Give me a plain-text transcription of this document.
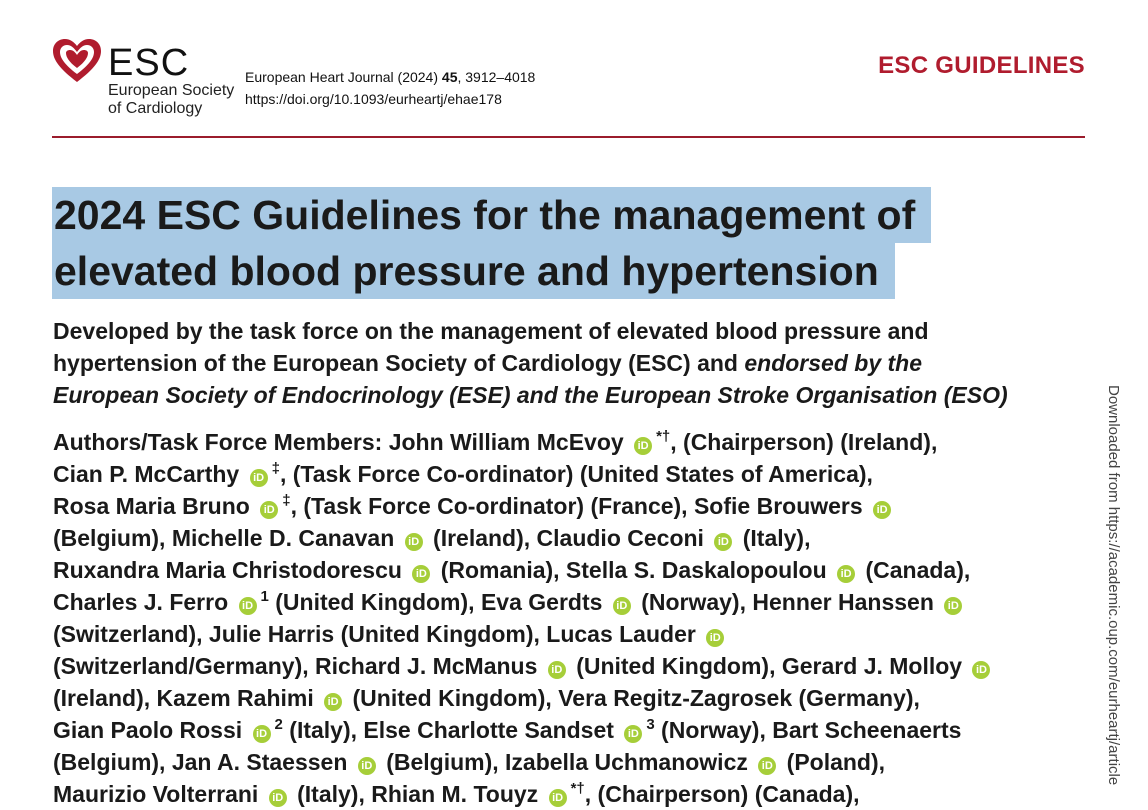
ESC
European Society
of Cardiology
European Heart Journal (2024) 45, 3912–4018
https://doi.org/10.1093/eurheartj/ehae178
ESC GUIDELINES
2024 ESC Guidelines for the management of
elevated blood pressure and hypertension
Developed by the task force on the management of elevated blood pressure and
hypertension of the European Society of Cardiology (ESC) and endorsed by the
European Society of Endocrinology (ESE) and the European Stroke Organisation (ESO)
Authors/Task Force Members: John William McEvoy iD*†, (Chairperson) (Ireland),
Cian P. McCarthy iD‡, (Task Force Co-ordinator) (United States of America),
Rosa Maria Bruno iD‡, (Task Force Co-ordinator) (France), Sofie Brouwers iD
(Belgium), Michelle D. Canavan iD (Ireland), Claudio Ceconi iD (Italy),
Ruxandra Maria Christodorescu iD (Romania), Stella S. Daskalopoulou iD (Canada),
Charles J. Ferro $iD^1$ (United Kingdom), Eva Gerdts iD (Norway), Henner Hanssen iD
(Switzerland), Julie Harris (United Kingdom), Lucas Lauder iD
(Switzerland/Germany), Richard J. McManus iD (United Kingdom), Gerard J. Molloy iD
(Ireland), Kazem Rahimi iD (United Kingdom), Vera Regitz-Zagrosek (Germany),
Gian Paolo Rossi $iD^2$ (Italy), Else Charlotte Sandset $iD^3$ (Norway), Bart Scheenaerts
(Belgium), Jan A. Staessen iD (Belgium), Izabella Uchmanowicz iD (Poland),
Maurizio Volterrani iD (Italy), Rhian M. Touyz iD*†, (Chairperson) (Canada),
Downloaded from https://academic.oup.com/eurheartj/article
